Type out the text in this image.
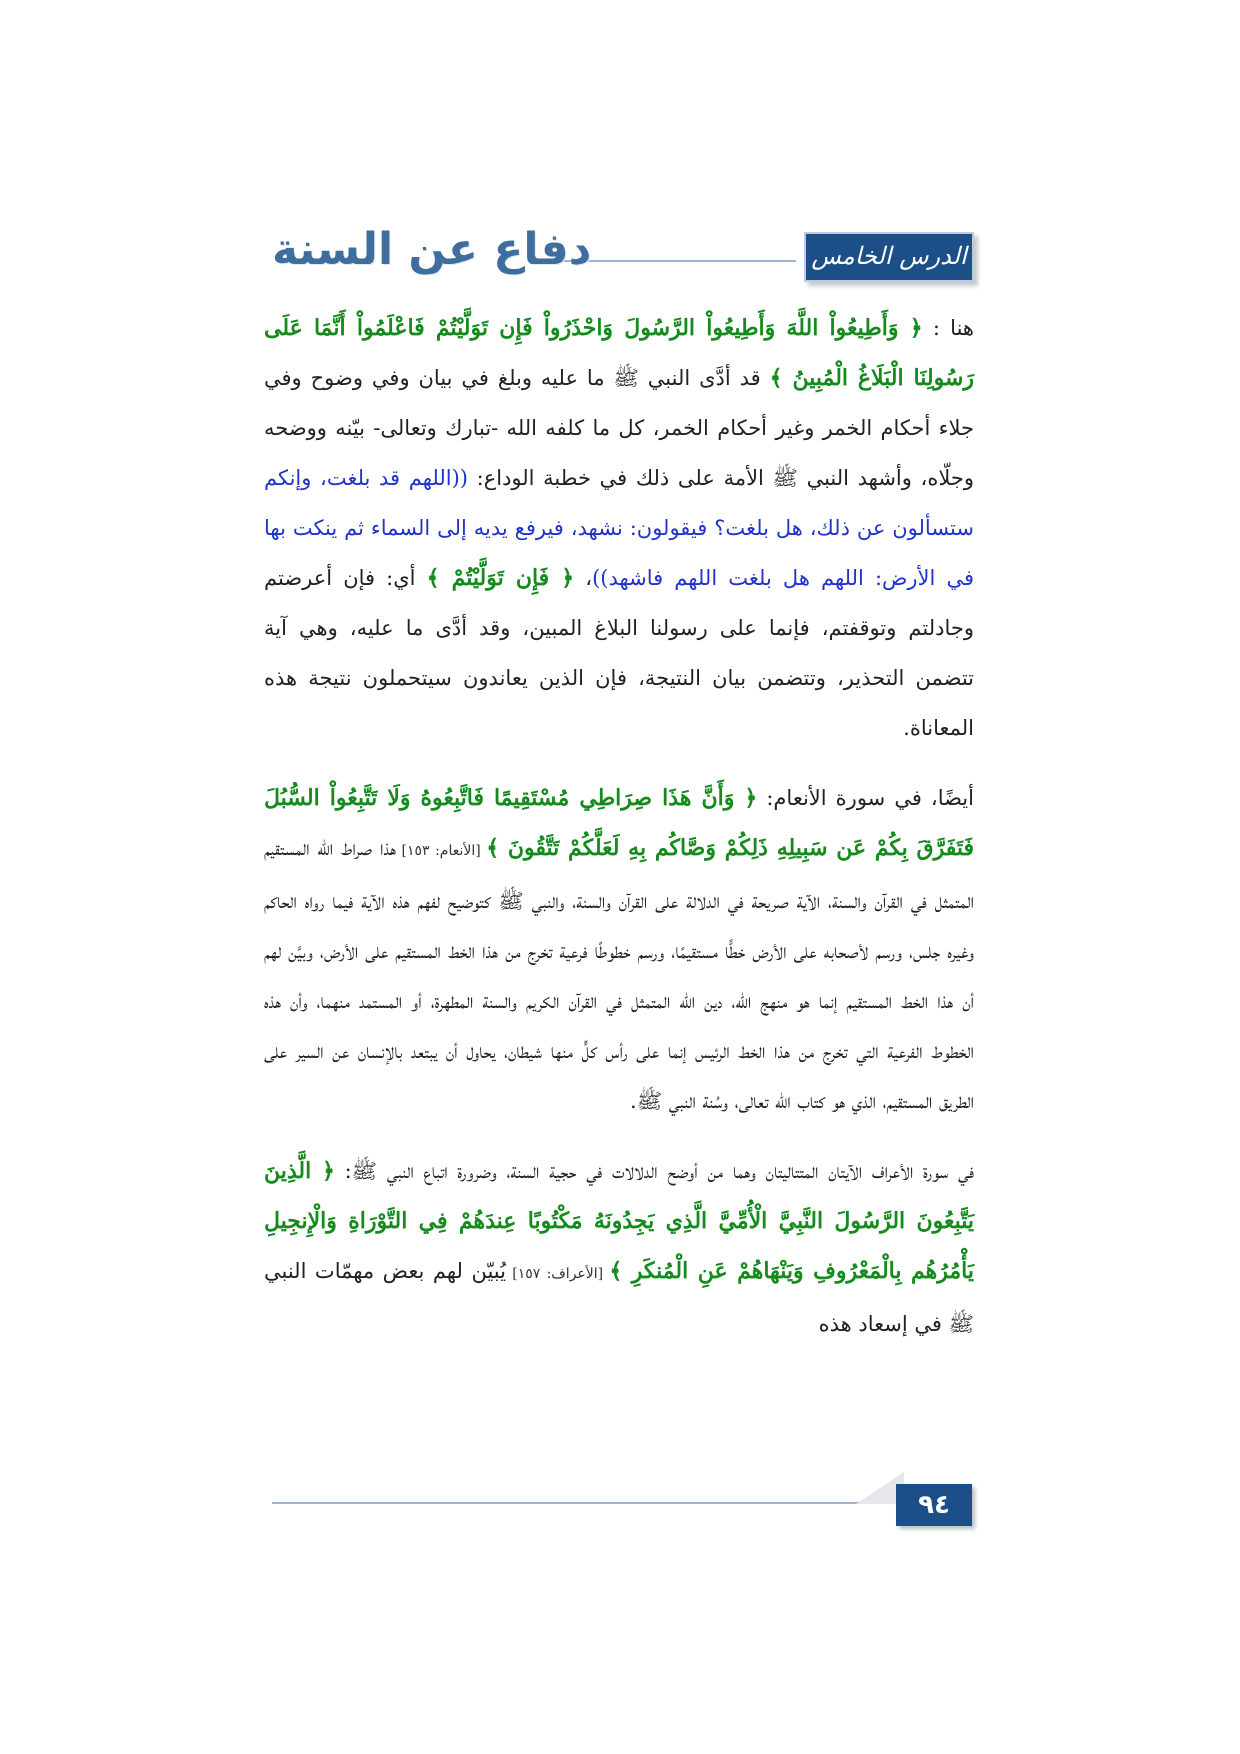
دفاع عن السنة	الدرس الخامس

هنا : ﴿ وَأَطِيعُواْ اللَّهَ وَأَطِيعُواْ الرَّسُولَ وَاحْذَرُواْ فَإِن تَوَلَّيْتُمْ فَاعْلَمُواْ أَنَّمَا عَلَى رَسُولِنَا الْبَلَاغُ الْمُبِينُ ﴾ قد أدَّى النبي ﷺ ما عليه وبلغ في بيان وفي وضوح وفي جلاء أحكام الخمر وغير أحكام الخمر، كل ما كلفه الله -تبارك وتعالى- بيّنه ووضحه وجلّاه، وأشهد النبي ﷺ الأمة على ذلك في خطبة الوداع: ((اللهم قد بلغت، وإنكم ستسألون عن ذلك، هل بلغت؟ فيقولون: نشهد، فيرفع يديه إلى السماء ثم ينكت بها في الأرض: اللهم هل بلغت اللهم فاشهد))، ﴿ فَإِن تَوَلَّيْتُمْ ﴾ أي: فإن أعرضتم وجادلتم وتوقفتم، فإنما على رسولنا البلاغ المبين، وقد أدَّى ما عليه، وهي آية تتضمن التحذير، وتتضمن بيان النتيجة، فإن الذين يعاندون سيتحملون نتيجة هذه المعاناة.

أيضًا، في سورة الأنعام: ﴿ وَأَنَّ هَذَا صِرَاطِي مُسْتَقِيمًا فَاتَّبِعُوهُ وَلَا تَتَّبِعُواْ السُّبُلَ فَتَفَرَّقَ بِكُمْ عَن سَبِيلِهِ ذَلِكُمْ وَصَّاكُم بِهِ لَعَلَّكُمْ تَتَّقُونَ ﴾ [الأنعام: ١٥٣] هذا صراط الله المستقيم المتمثل في القرآن والسنة، الآية صريحة في الدلالة على القرآن والسنة، والنبي ﷺ كتوضيح لفهم هذه الآية فيما رواه الحاكم وغيره جلس، ورسم لأصحابه على الأرض خطًّا مستقيمًا، ورسم خطوطًا فرعية تخرج من هذا الخط المستقيم على الأرض، وبيَّن لهم أن هذا الخط المستقيم إنما هو منهج الله، دين الله المتمثل في القرآن الكريم والسنة المطهرة، أو المستمد منهما، وأن هذه الخطوط الفرعية التي تخرج من هذا الخط الرئيس إنما على رأس كلٍّ منها شيطان، يحاول أن يبتعد بالإنسان عن السير على الطريق المستقيم، الذي هو كتاب الله تعالى، وسُنة النبي ﷺ.

في سورة الأعراف الآيتان المتتاليتان وهما من أوضح الدلالات في حجية السنة، وضرورة اتباع النبي ﷺ: ﴿ الَّذِينَ يَتَّبِعُونَ الرَّسُولَ النَّبِيَّ الْأُمِّيَّ الَّذِي يَجِدُونَهُ مَكْتُوبًا عِندَهُمْ فِي التَّوْرَاةِ وَالْإِنجِيلِ يَأْمُرُهُم بِالْمَعْرُوفِ وَيَنْهَاهُمْ عَنِ الْمُنكَرِ ﴾ [الأعراف: ١٥٧] يُبيّن لهم بعض مهمّات النبي ﷺ في إسعاد هذه

٩٤
